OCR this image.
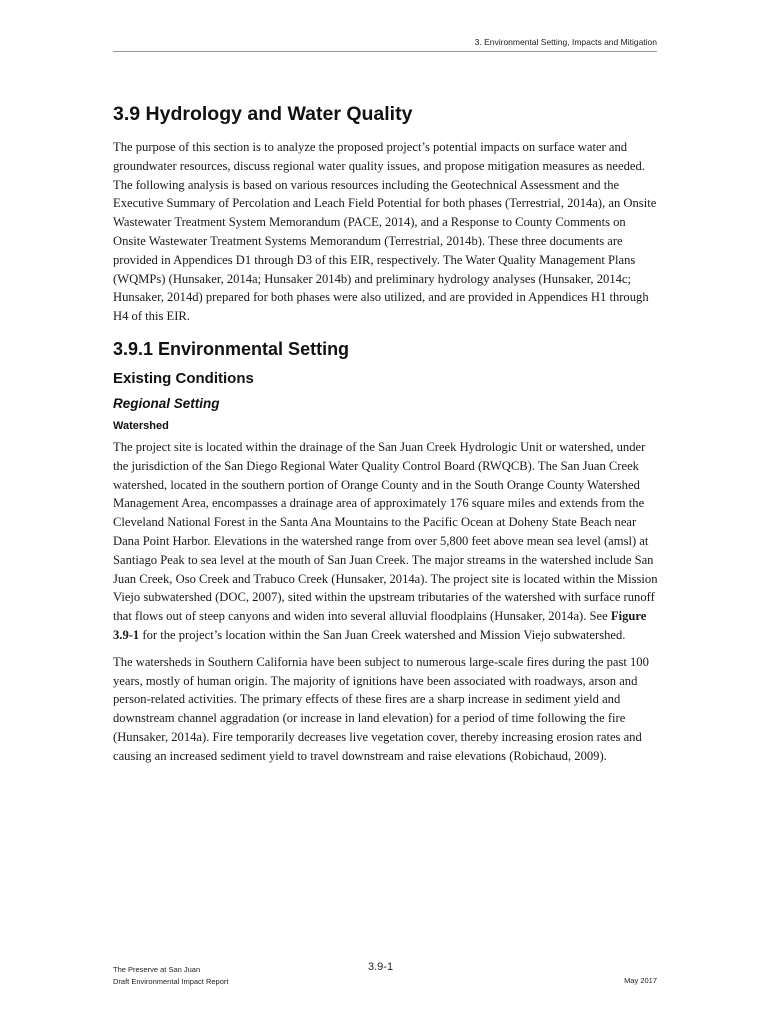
3. Environmental Setting, Impacts and Mitigation
3.9 Hydrology and Water Quality

The purpose of this section is to analyze the proposed project’s potential impacts on surface water and groundwater resources, discuss regional water quality issues, and propose mitigation measures as needed. The following analysis is based on various resources including the Geotechnical Assessment and the Executive Summary of Percolation and Leach Field Potential for both phases (Terrestrial, 2014a), an Onsite Wastewater Treatment System Memorandum (PACE, 2014), and a Response to County Comments on Onsite Wastewater Treatment Systems Memorandum (Terrestrial, 2014b). These three documents are provided in Appendices D1 through D3 of this EIR, respectively. The Water Quality Management Plans (WQMPs) (Hunsaker, 2014a; Hunsaker 2014b) and preliminary hydrology analyses (Hunsaker, 2014c; Hunsaker, 2014d) prepared for both phases were also utilized, and are provided in Appendices H1 through H4 of this EIR.

3.9.1 Environmental Setting
Existing Conditions
Regional Setting
Watershed

The project site is located within the drainage of the San Juan Creek Hydrologic Unit or watershed, under the jurisdiction of the San Diego Regional Water Quality Control Board (RWQCB). The San Juan Creek watershed, located in the southern portion of Orange County and in the South Orange County Watershed Management Area, encompasses a drainage area of approximately 176 square miles and extends from the Cleveland National Forest in the Santa Ana Mountains to the Pacific Ocean at Doheny State Beach near Dana Point Harbor. Elevations in the watershed range from over 5,800 feet above mean sea level (amsl) at Santiago Peak to sea level at the mouth of San Juan Creek. The major streams in the watershed include San Juan Creek, Oso Creek and Trabuco Creek (Hunsaker, 2014a). The project site is located within the Mission Viejo subwatershed (DOC, 2007), sited within the upstream tributaries of the watershed with surface runoff that flows out of steep canyons and widen into several alluvial floodplains (Hunsaker, 2014a). See Figure 3.9-1 for the project’s location within the San Juan Creek watershed and Mission Viejo subwatershed.

The watersheds in Southern California have been subject to numerous large-scale fires during the past 100 years, mostly of human origin. The majority of ignitions have been associated with roadways, arson and person-related activities. The primary effects of these fires are a sharp increase in sediment yield and downstream channel aggradation (or increase in land elevation) for a period of time following the fire (Hunsaker, 2014a). Fire temporarily decreases live vegetation cover, thereby increasing erosion rates and causing an increased sediment yield to travel downstream and raise elevations (Robichaud, 2009).

The Preserve at San Juan
Draft Environmental Impact Report
3.9-1
May 2017
